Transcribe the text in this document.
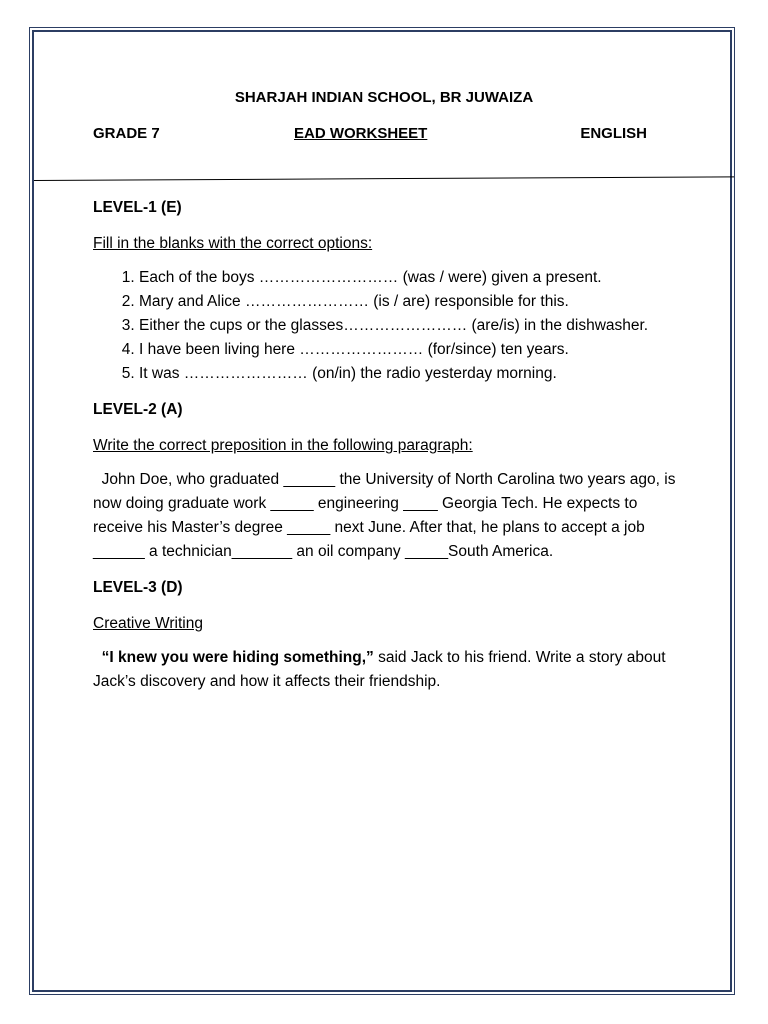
SHARJAH INDIAN SCHOOL, BR JUWAIZA
GRADE 7	EAD WORKSHEET	ENGLISH

LEVEL-1 (E)

Fill in the blanks with the correct options:

1. Each of the boys ……………………… (was / were) given a present.
2. Mary and Alice …………………… (is / are) responsible for this.
3. Either the cups or the glasses…………………… (are/is) in the dishwasher.
4. I have been living here …………………… (for/since) ten years.
5. It was …………………… (on/in) the radio yesterday morning.

LEVEL-2 (A)

Write the correct preposition in the following paragraph:

John Doe, who graduated ______ the University of North Carolina two years ago, is now doing graduate work _____ engineering ____ Georgia Tech. He expects to receive his Master’s degree _____ next June. After that, he plans to accept a job ______ a technician_______ an oil company _____South America.

LEVEL-3 (D)

Creative Writing

“I knew you were hiding something,” said Jack to his friend. Write a story about Jack’s discovery and how it affects their friendship.
